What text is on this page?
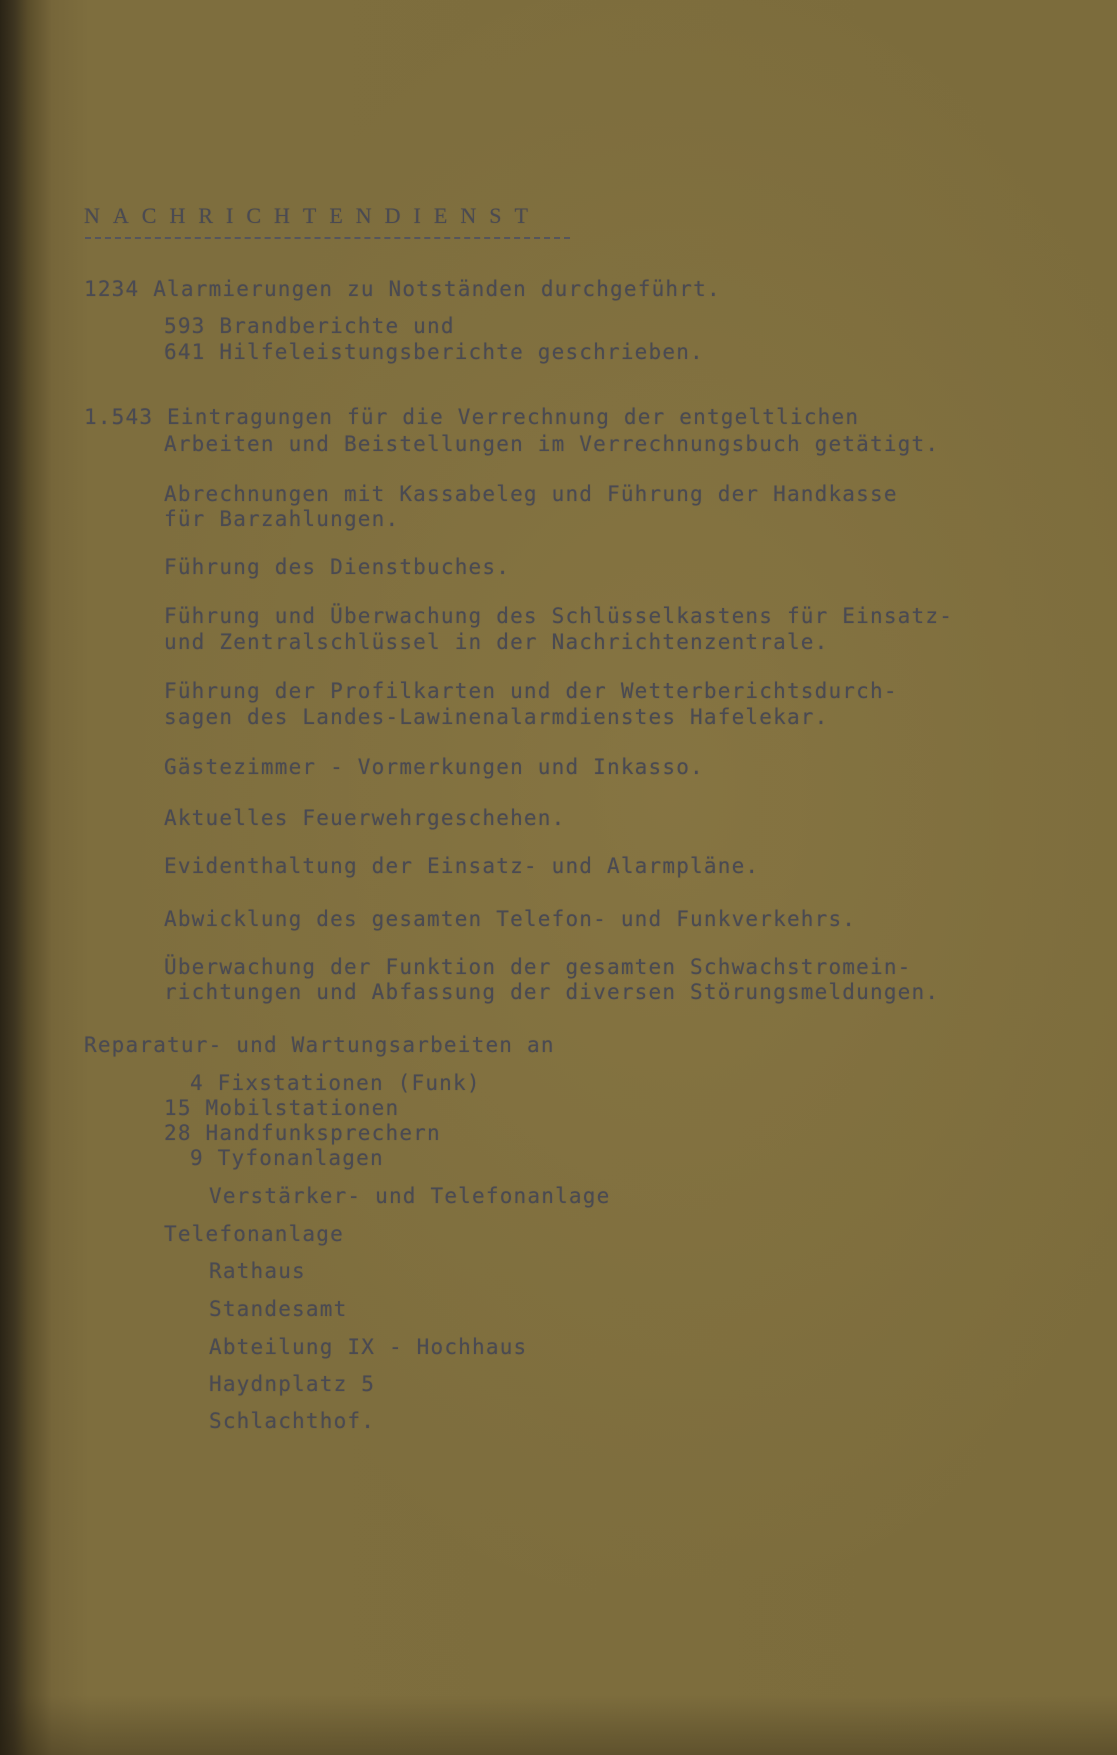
NACHRICHTENDIENST
1234 Alarmierungen zu Notständen durchgeführt.
593 Brandberichte und
641 Hilfeleistungsberichte geschrieben.
1.543 Eintragungen für die Verrechnung der entgeltlichen
Arbeiten und Beistellungen im Verrechnungsbuch getätigt.
Abrechnungen mit Kassabeleg und Führung der Handkasse
für Barzahlungen.
Führung des Dienstbuches.
Führung und Überwachung des Schlüsselkastens für Einsatz-
und Zentralschlüssel in der Nachrichtenzentrale.
Führung der Profilkarten und der Wetterberichtsdurch-
sagen des Landes-Lawinenalarmdienstes Hafelekar.
Gästezimmer - Vormerkungen und Inkasso.
Aktuelles Feuerwehrgeschehen.
Evidenthaltung der Einsatz- und Alarmpläne.
Abwicklung des gesamten Telefon- und Funkverkehrs.
Überwachung der Funktion der gesamten Schwachstromein-
richtungen und Abfassung der diversen Störungsmeldungen.
Reparatur- und Wartungsarbeiten an
4 Fixstationen (Funk)
15 Mobilstationen
28 Handfunksprechern
9 Tyfonanlagen
Verstärker- und Telefonanlage
Telefonanlage
Rathaus
Standesamt
Abteilung IX - Hochhaus
Haydnplatz 5
Schlachthof.
